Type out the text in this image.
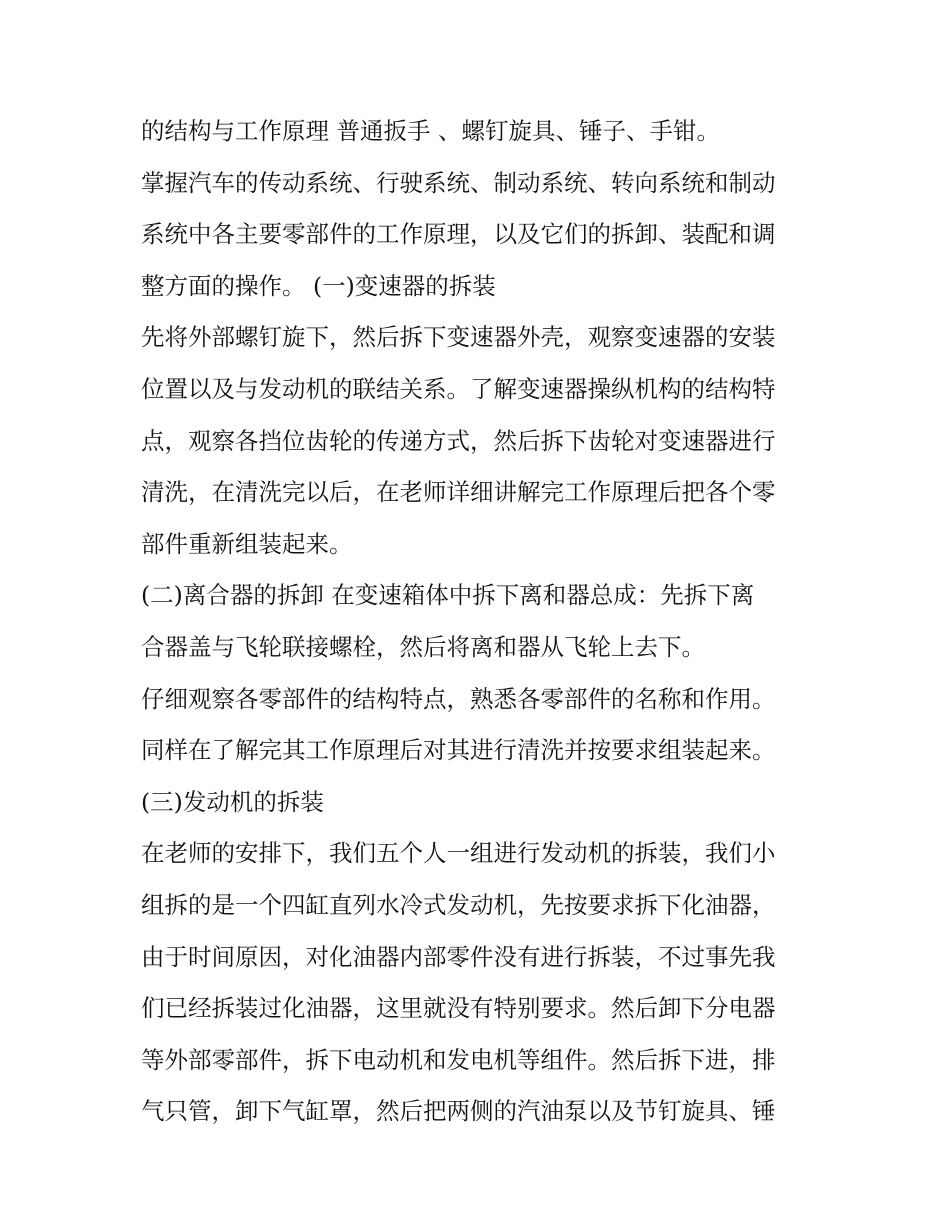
的结构与工作原理 普通扳手 、螺钉旋具、锤子、手钳。
掌握汽车的传动系统、行驶系统、制动系统、转向系统和制动
系统中各主要零部件的工作原理，以及它们的拆卸、装配和调
整方面的操作。 (一)变速器的拆装
先将外部螺钉旋下，然后拆下变速器外壳，观察变速器的安装
位置以及与发动机的联结关系。了解变速器操纵机构的结构特
点，观察各挡位齿轮的传递方式，然后拆下齿轮对变速器进行
清洗，在清洗完以后，在老师详细讲解完工作原理后把各个零
部件重新组装起来。
(二)离合器的拆卸 在变速箱体中拆下离和器总成：先拆下离
合器盖与飞轮联接螺栓，然后将离和器从飞轮上去下。
仔细观察各零部件的结构特点，熟悉各零部件的名称和作用。
同样在了解完其工作原理后对其进行清洗并按要求组装起来。
(三)发动机的拆装
在老师的安排下，我们五个人一组进行发动机的拆装，我们小
组拆的是一个四缸直列水冷式发动机，先按要求拆下化油器，
由于时间原因，对化油器内部零件没有进行拆装，不过事先我
们已经拆装过化油器，这里就没有特别要求。然后卸下分电器
等外部零部件，拆下电动机和发电机等组件。然后拆下进，排
气只管，卸下气缸罩，然后把两侧的汽油泵以及节钉旋具、锤
